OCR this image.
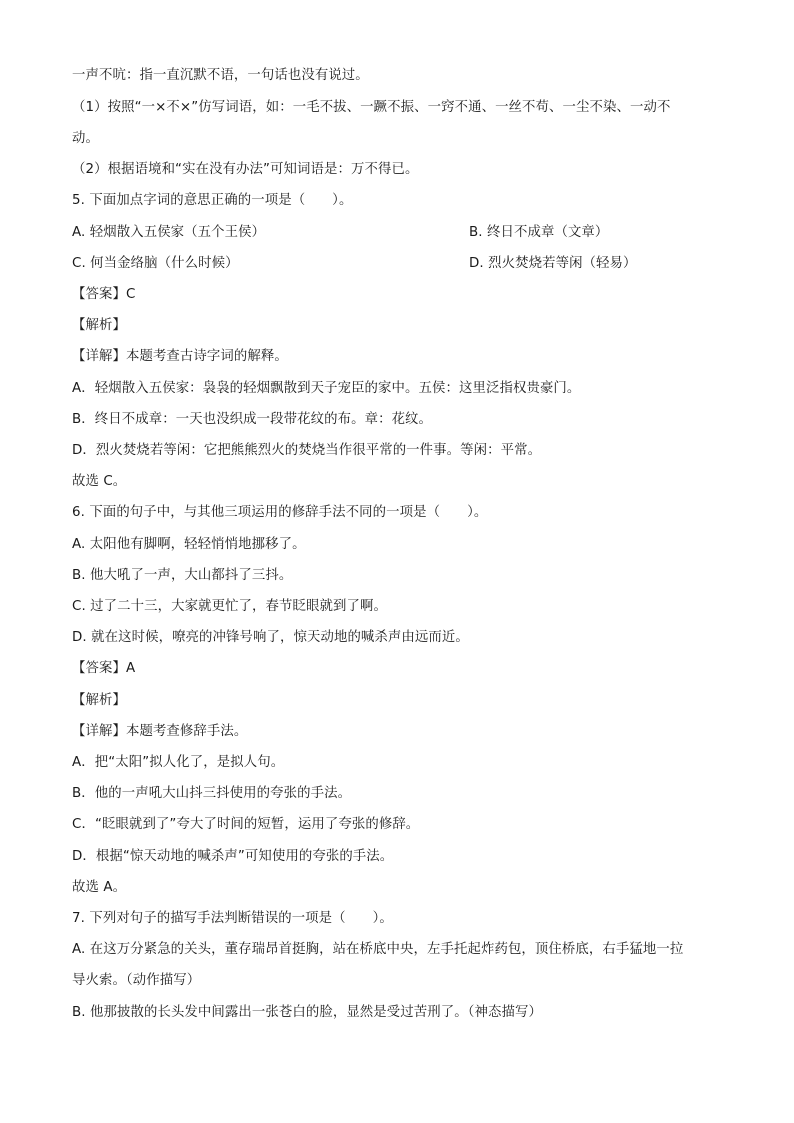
一声不吭：指一直沉默不语，一句话也没有说过。
（1）按照“一×不×”仿写词语，如：一毛不拔、一蹶不振、一窍不通、一丝不苟、一尘不染、一动不
动。
（2）根据语境和“实在没有办法”可知词语是：万不得已。
5. 下面加点字词的意思正确的一项是（　　）。
A. 轻烟散入五侯家（五个王侯）	B. 终日不成章（文章）
C. 何当金络脑（什么时候）	D. 烈火焚烧若等闲（轻易）
【答案】C
【解析】
【详解】本题考查古诗字词的解释。
A．轻烟散入五侯家：袅袅的轻烟飘散到天子宠臣的家中。五侯：这里泛指权贵豪门。
B．终日不成章：一天也没织成一段带花纹的布。章：花纹。
D．烈火焚烧若等闲：它把熊熊烈火的焚烧当作很平常的一件事。等闲：平常。
故选 C。
6. 下面的句子中，与其他三项运用的修辞手法不同的一项是（　　）。
A. 太阳他有脚啊，轻轻悄悄地挪移了。
B. 他大吼了一声，大山都抖了三抖。
C. 过了二十三，大家就更忙了，春节眨眼就到了啊。
D. 就在这时候，嘹亮的冲锋号响了，惊天动地的喊杀声由远而近。
【答案】A
【解析】
【详解】本题考查修辞手法。
A．把“太阳”拟人化了，是拟人句。
B．他的一声吼大山抖三抖使用的夸张的手法。
C．“眨眼就到了”夸大了时间的短暂，运用了夸张的修辞。
D．根据“惊天动地的喊杀声”可知使用的夸张的手法。
故选 A。
7. 下列对句子的描写手法判断错误的一项是（　　）。
A. 在这万分紧急的关头，董存瑞昂首挺胸，站在桥底中央，左手托起炸药包，顶住桥底，右手猛地一拉
导火索。（动作描写）
B. 他那披散的长头发中间露出一张苍白的脸，显然是受过苦刑了。（神态描写）
